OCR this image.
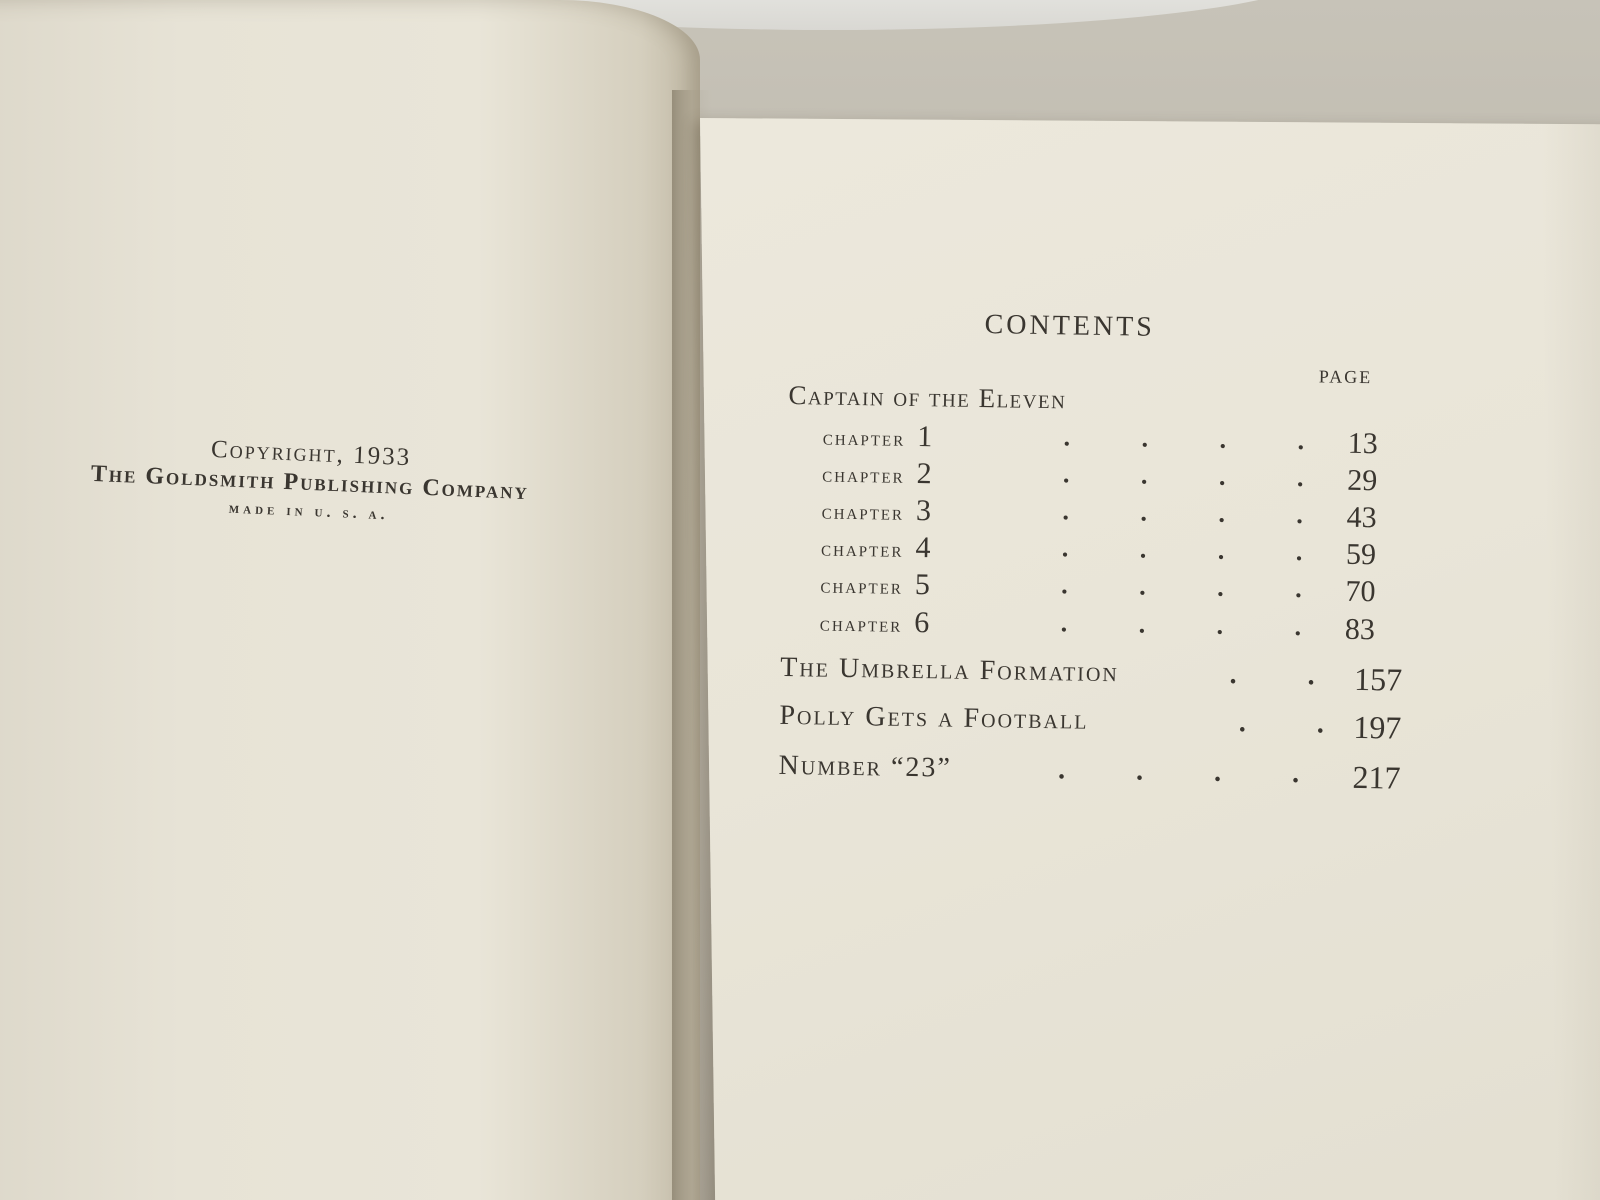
Copyright, 1933
The Goldsmith Publishing Company
made in u. s. a.
CONTENTS
PAGE
Captain of the Eleven
chapter 1	.	.	.	.	13
chapter 2	.	.	.	.	29
chapter 3	.	.	.	.	43
chapter 4	.	.	.	.	59
chapter 5	.	.	.	.	70
chapter 6	.	.	.	.	83
The Umbrella Formation	.	.	157
Polly Gets a Football	.	. 197
Number “23”	.	.	.	.	217
